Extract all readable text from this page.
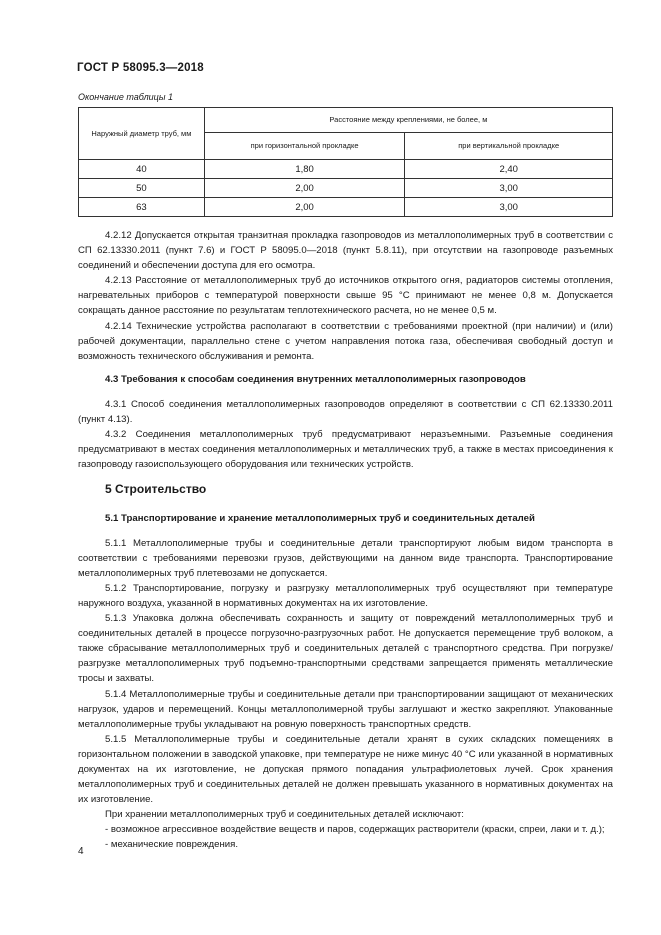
ГОСТ Р 58095.3—2018
Окончание таблицы 1
Наружный диаметр труб, мм	Расстояние между креплениями, не более, м	
	при горизонтальной прокладке	при вертикальной прокладке
40	1,80	2,40
50	2,00	3,00
63	2,00	3,00

4.2.12 Допускается открытая транзитная прокладка газопроводов из металлополимерных труб в соответствии с СП 62.13330.2011 (пункт 7.6) и ГОСТ Р 58095.0—2018 (пункт 5.8.11), при отсутствии на газопроводе разъемных соединений и обеспечении доступа для его осмотра.

4.2.13 Расстояние от металлополимерных труб до источников открытого огня, радиаторов системы отопления, нагревательных приборов с температурой поверхности свыше 95 °С принимают не менее 0,8 м. Допускается сокращать данное расстояние по результатам теплотехнического расчета, но не менее 0,5 м.

4.2.14 Технические устройства располагают в соответствии с требованиями проектной (при наличии) и (или) рабочей документации, параллельно стене с учетом направления потока газа, обеспечивая свободный доступ и возможность технического обслуживания и ремонта.

4.3 Требования к способам соединения внутренних металлополимерных газопроводов

4.3.1 Способ соединения металлополимерных газопроводов определяют в соответствии с СП 62.13330.2011 (пункт 4.13).

4.3.2 Соединения металлополимерных труб предусматривают неразъемными. Разъемные соединения предусматривают в местах соединения металлополимерных и металлических труб, а также в местах присоединения к газопроводу газоиспользующего оборудования или технических устройств.

5 Строительство

5.1 Транспортирование и хранение металлополимерных труб и соединительных деталей

5.1.1 Металлополимерные трубы и соединительные детали транспортируют любым видом транспорта в соответствии с требованиями перевозки грузов, действующими на данном виде транспорта. Транспортирование металлополимерных труб плетевозами не допускается.

5.1.2 Транспортирование, погрузку и разгрузку металлополимерных труб осуществляют при температуре наружного воздуха, указанной в нормативных документах на их изготовление.

5.1.3 Упаковка должна обеспечивать сохранность и защиту от повреждений металлополимерных труб и соединительных деталей в процессе погрузочно-разгрузочных работ. Не допускается перемещение труб волоком, а также сбрасывание металлополимерных труб и соединительных деталей с транспортного средства. При погрузке/разгрузке металлополимерных труб подъемно-транспортными средствами запрещается применять металлические тросы и захваты.

5.1.4 Металлополимерные трубы и соединительные детали при транспортировании защищают от механических нагрузок, ударов и перемещений. Концы металлополимерной трубы заглушают и жестко закрепляют. Упакованные металлополимерные трубы укладывают на ровную поверхность транспортных средств.

5.1.5 Металлополимерные трубы и соединительные детали хранят в сухих складских помещениях в горизонтальном положении в заводской упаковке, при температуре не ниже минус 40 °С или указанной в нормативных документах на их изготовление, не допуская прямого попадания ультрафиолетовых лучей. Срок хранения металлополимерных труб и соединительных деталей не должен превышать указанного в нормативных документах на их изготовление.

При хранении металлополимерных труб и соединительных деталей исключают:

- возможное агрессивное воздействие веществ и паров, содержащих растворители (краски, спреи, лаки и т. д.);

- механические повреждения.

4
